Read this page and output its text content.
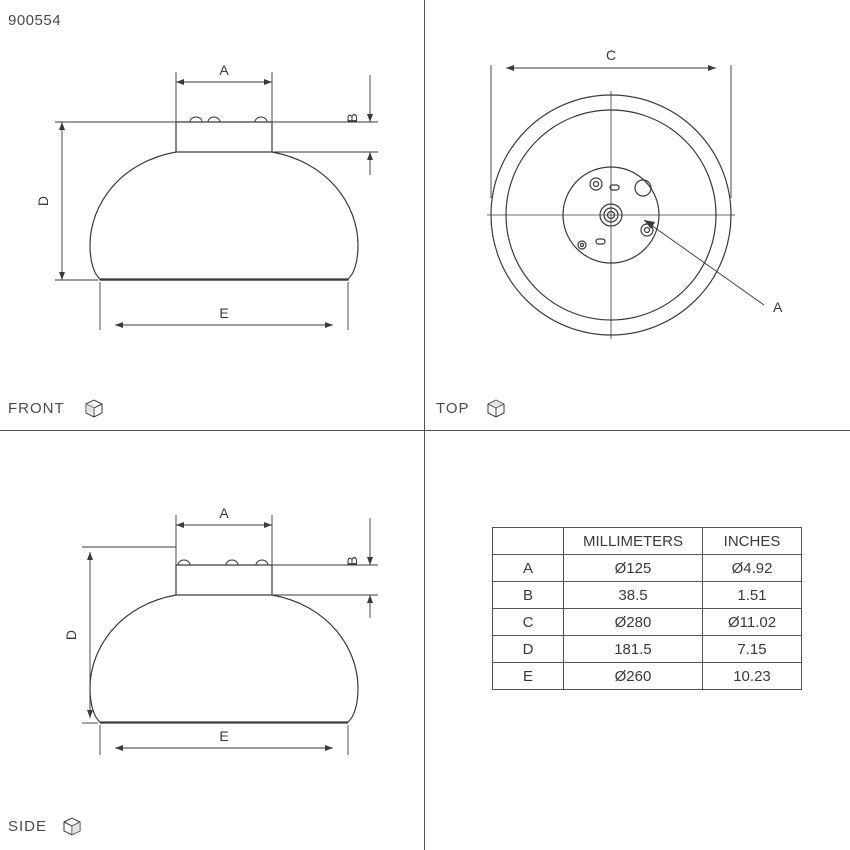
900554
A
B
D
E
FRONT
C
A
TOP
A
B
D
E
SIDE
	MILLIMETERS	INCHES
A	Ø125	Ø4.92
B	38.5	1.51
C	Ø280	Ø11.02
D	181.5	7.15
E	Ø260	10.23
